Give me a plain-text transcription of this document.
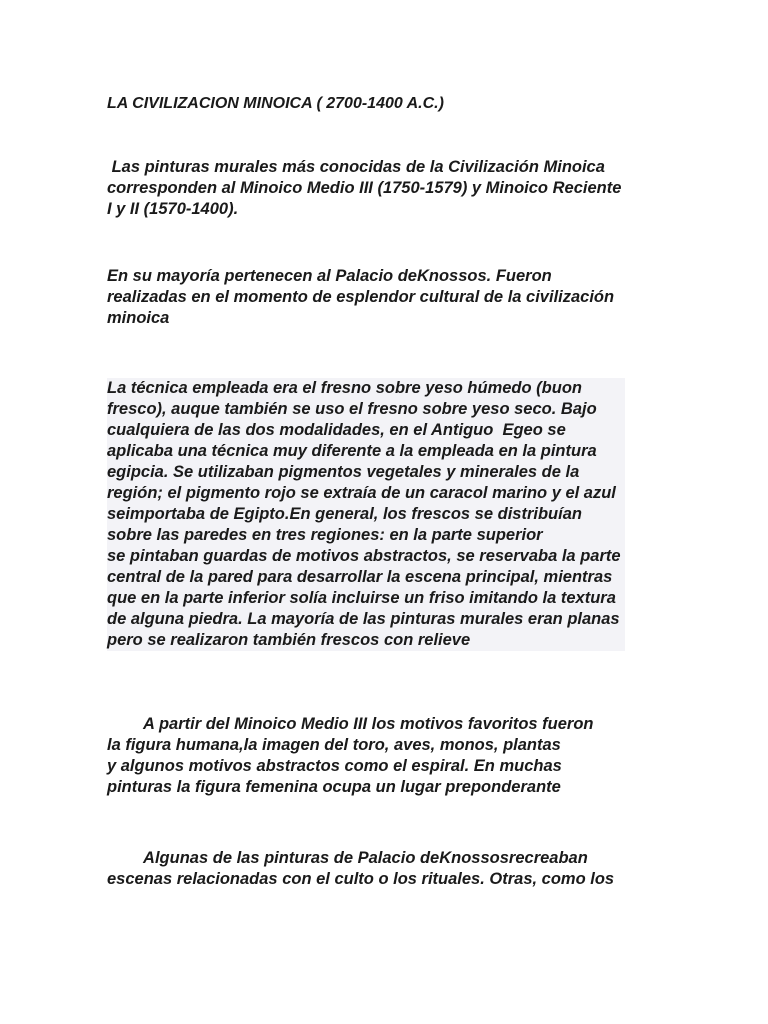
LA CIVILIZACION MINOICA ( 2700-1400 A.C.)
Las pinturas murales más conocidas de la Civilización Minoica
corresponden al Minoico Medio III (1750-1579) y Minoico Reciente
I y II (1570-1400).
En su mayoría pertenecen al Palacio deKnossos. Fueron
realizadas en el momento de esplendor cultural de la civilización
minoica
La técnica empleada era el fresno sobre yeso húmedo (buon
fresco), auque también se uso el fresno sobre yeso seco. Bajo
cualquiera de las dos modalidades, en el Antiguo  Egeo se
aplicaba una técnica muy diferente a la empleada en la pintura
egipcia. Se utilizaban pigmentos vegetales y minerales de la
región; el pigmento rojo se extraía de un caracol marino y el azul
seimportaba de Egipto.En general, los frescos se distribuían
sobre las paredes en tres regiones: en la parte superior
se pintaban guardas de motivos abstractos, se reservaba la parte
central de la pared para desarrollar la escena principal, mientras
que en la parte inferior solía incluirse un friso imitando la textura
de alguna piedra. La mayoría de las pinturas murales eran planas
pero se realizaron también frescos con relieve
A partir del Minoico Medio III los motivos favoritos fueron
la figura humana,la imagen del toro, aves, monos, plantas
y algunos motivos abstractos como el espiral. En muchas
pinturas la figura femenina ocupa un lugar preponderante
Algunas de las pinturas de Palacio deKnossosrecreaban
escenas relacionadas con el culto o los rituales. Otras, como los
